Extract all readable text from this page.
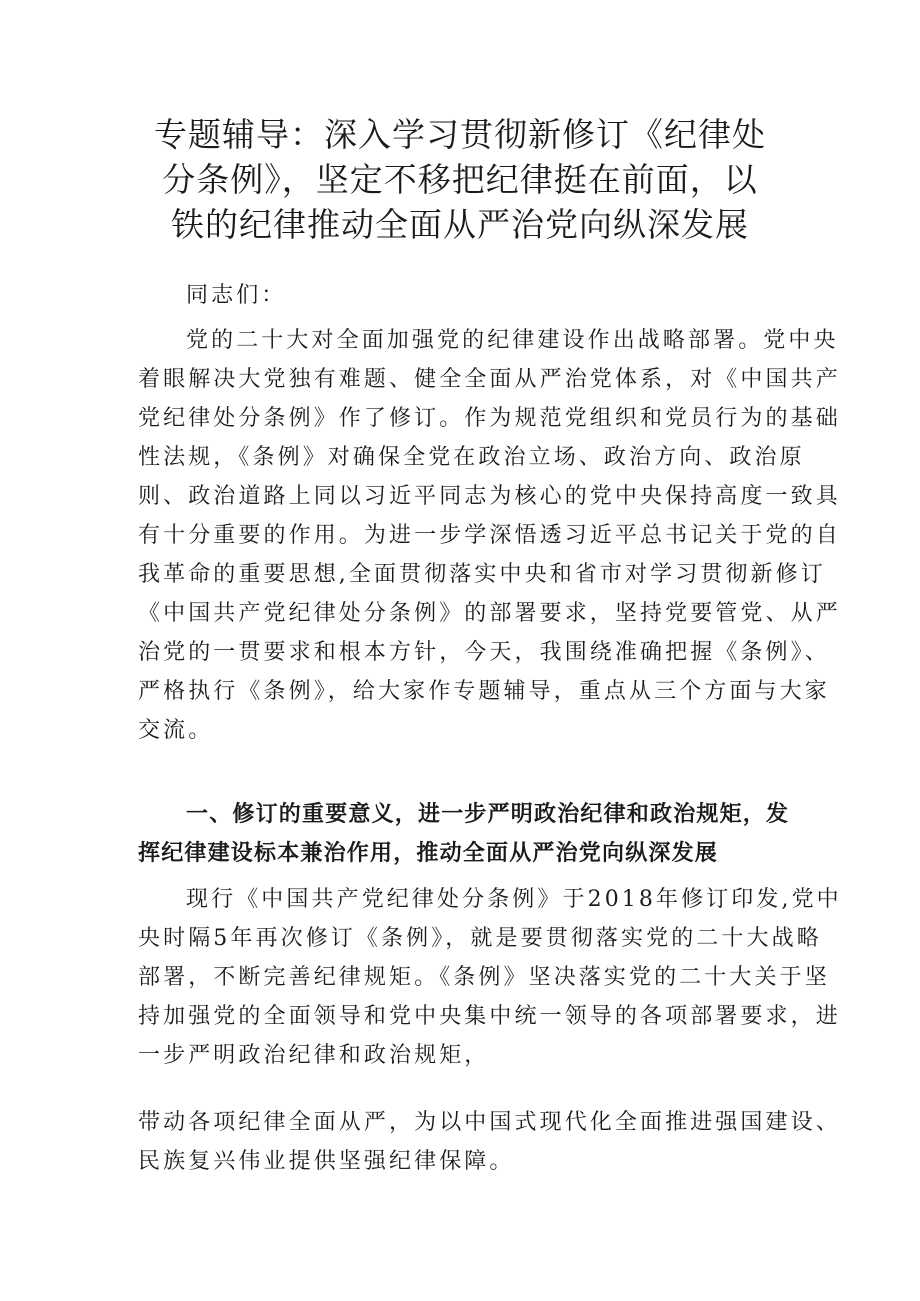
专题辅导：深入学习贯彻新修订《纪律处
分条例》，坚定不移把纪律挺在前面，以
铁的纪律推动全面从严治党向纵深发展

同志们：

党的二十大对全面加强党的纪律建设作出战略部署。党中央
着眼解决大党独有难题、健全全面从严治党体系，对《中国共产
党纪律处分条例》作了修订。作为规范党组织和党员行为的基础
性法规，《条例》对确保全党在政治立场、政治方向、政治原
则、政治道路上同以习近平同志为核心的党中央保持高度一致具
有十分重要的作用。为进一步学深悟透习近平总书记关于党的自
我革命的重要思想,全面贯彻落实中央和省市对学习贯彻新修订
《中国共产党纪律处分条例》的部署要求，坚持党要管党、从严
治党的一贯要求和根本方针，今天，我围绕准确把握《条例》、
严格执行《条例》，给大家作专题辅导，重点从三个方面与大家
交流。

一、修订的重要意义，进一步严明政治纪律和政治规矩，发
挥纪律建设标本兼治作用，推动全面从严治党向纵深发展

现行《中国共产党纪律处分条例》于2018年修订印发,党中
央时隔5年再次修订《条例》，就是要贯彻落实党的二十大战略
部署，不断完善纪律规矩。《条例》坚决落实党的二十大关于坚
持加强党的全面领导和党中央集中统一领导的各项部署要求，进
一步严明政治纪律和政治规矩，

带动各项纪律全面从严，为以中国式现代化全面推进强国建设、
民族复兴伟业提供坚强纪律保障。
